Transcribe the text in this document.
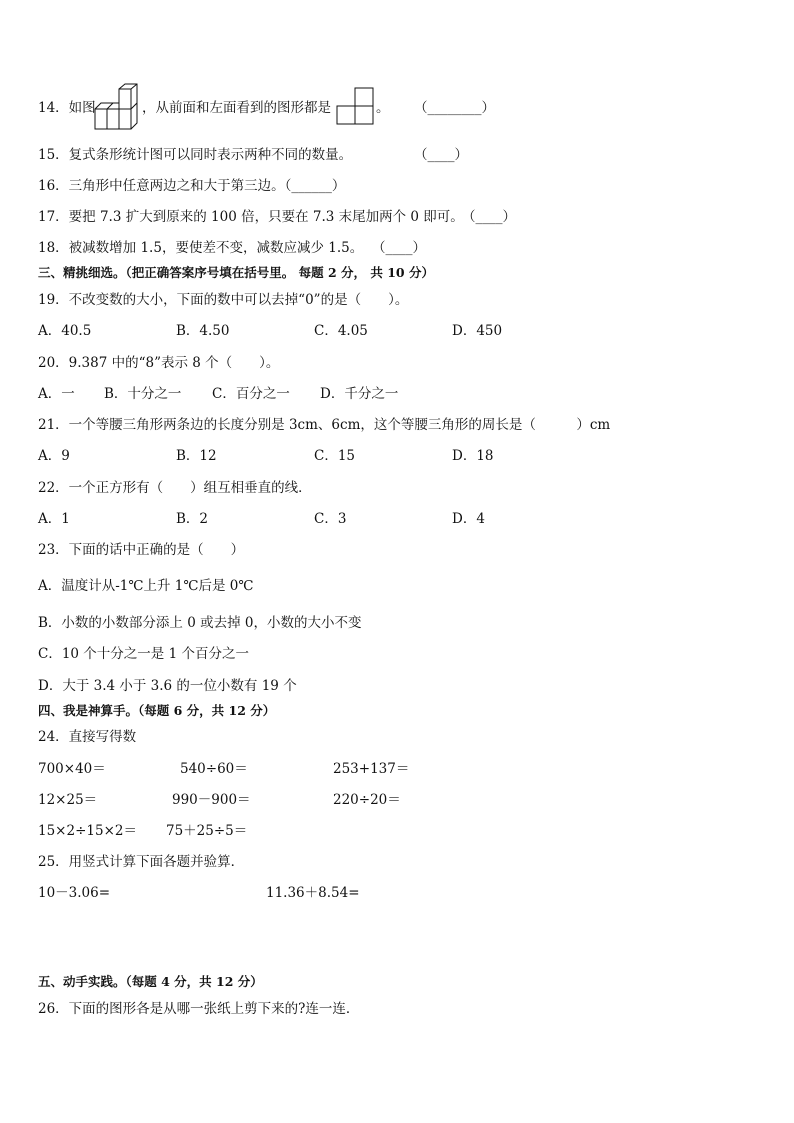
14．如图	，从前面和左面看到的图形都是	。 （________）
15．复式条形统计图可以同时表示两种不同的数量。	（____）
16．三角形中任意两边之和大于第三边。（______）
17．要把 7.3 扩大到原来的 100 倍，只要在 7.3 末尾加两个 0 即可。
（____）
18．被减数增加 1.5，要使差不变，减数应减少 1.5。 （____）
三、精挑细选。（把正确答案序号填在括号里。 每题 2 分， 共 10 分）
19．不改变数的大小，下面的数中可以去掉“0”的是（　　）。
A．40.5	B．4.50	C．4.05	D．450
20．9.387 中的“8”表示 8 个（　　）。
A．一 B．十分之一 C．百分之一 D．千分之一
21．一个等腰三角形两条边的长度分别是 3cm、6cm，这个等腰三角形的周长是（　　　）cm
A．9	B．12	C．15	D．18
22．一个正方形有（　　）组互相垂直的线．
A．1	B．2	C．3	D．4
23．下面的话中正确的是（　　）
A．温度计从-1℃上升 1℃后是 0℃
B．小数的小数部分添上 0 或去掉 0，小数的大小不变
C．10 个十分之一是 1 个百分之一
D．大于 3.4 小于 3.6 的一位小数有 19 个
四、我是神算手。（每题 6 分，共 12 分）
24．直接写得数
700×40＝	540÷60＝	253+137＝
12×25＝	990－900＝	220÷20＝
15×2÷15×2＝ 75＋25÷5＝
25．用竖式计算下面各题并验算．
10－3.06=	11.36＋8.54=
五、动手实践。（每题 4 分，共 12 分）
26．下面的图形各是从哪一张纸上剪下来的?连一连．
